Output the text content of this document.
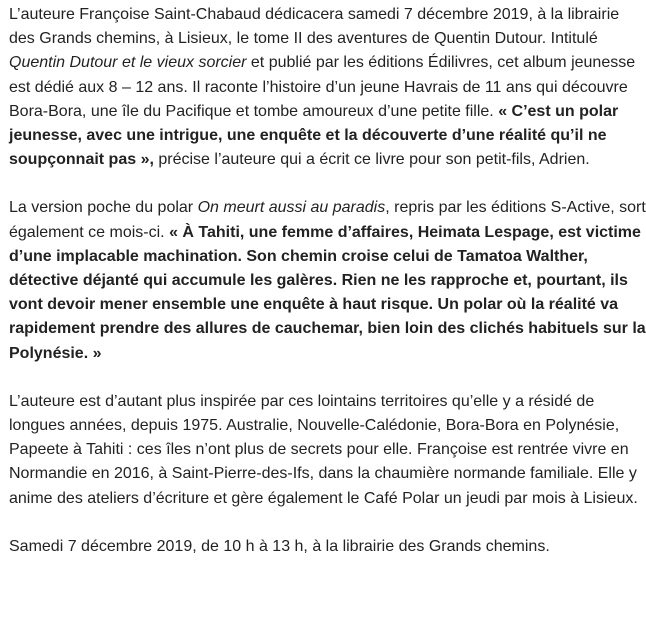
L’auteure Françoise Saint-Chabaud dédicacera samedi 7 décembre 2019, à la librairie des Grands chemins, à Lisieux, le tome II des aventures de Quentin Dutour. Intitulé Quentin Dutour et le vieux sorcier et publié par les éditions Édilivres, cet album jeunesse est dédié aux 8 – 12 ans. Il raconte l’histoire d’un jeune Havrais de 11 ans qui découvre Bora-Bora, une île du Pacifique et tombe amoureux d’une petite fille. « C’est un polar jeunesse, avec une intrigue, une enquête et la découverte d’une réalité qu’il ne soupçonnait pas », précise l’auteure qui a écrit ce livre pour son petit-fils, Adrien.

La version poche du polar On meurt aussi au paradis, repris par les éditions S-Active, sort également ce mois-ci. « À Tahiti, une femme d’affaires, Heimata Lespage, est victime d’une implacable machination. Son chemin croise celui de Tamatoa Walther, détective déjanté qui accumule les galères. Rien ne les rapproche et, pourtant, ils vont devoir mener ensemble une enquête à haut risque. Un polar où la réalité va rapidement prendre des allures de cauchemar, bien loin des clichés habituels sur la Polynésie. »

L’auteure est d’autant plus inspirée par ces lointains territoires qu’elle y a résidé de longues années, depuis 1975. Australie, Nouvelle-Calédonie, Bora-Bora en Polynésie, Papeete à Tahiti : ces îles n’ont plus de secrets pour elle. Françoise est rentrée vivre en Normandie en 2016, à Saint-Pierre-des-Ifs, dans la chaumière normande familiale. Elle y anime des ateliers d’écriture et gère également le Café Polar un jeudi par mois à Lisieux.

Samedi 7 décembre 2019, de 10 h à 13 h, à la librairie des Grands chemins.
